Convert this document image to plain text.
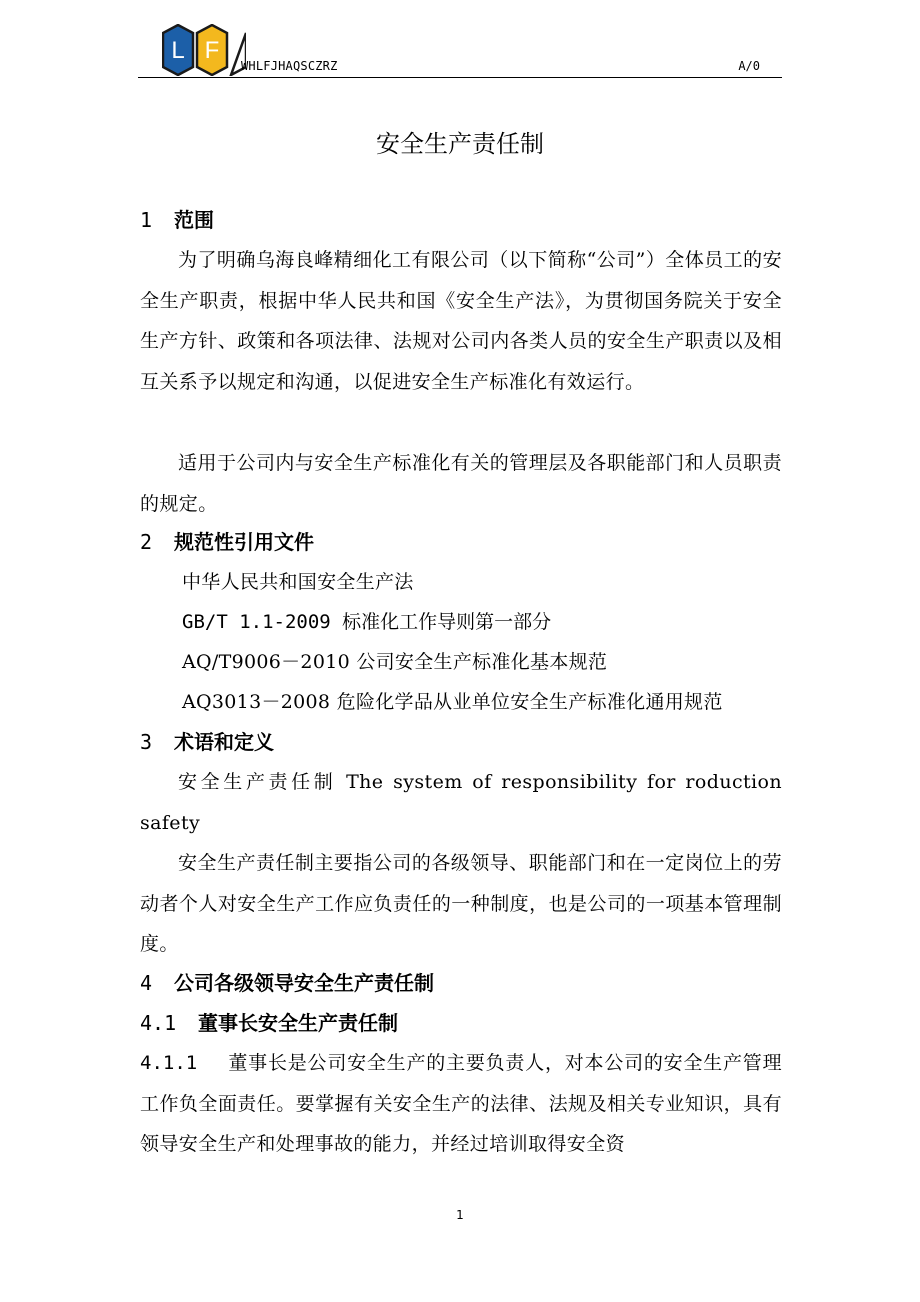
L F
WHLFJHAQSCZRZ	A/0
安全生产责任制
1 范围
为了明确乌海良峰精细化工有限公司（以下简称“公司”）全体员工的安全生产职责，根据中华人民共和国《安全生产法》，为贯彻国务院关于安全生产方针、政策和各项法律、法规对公司内各类人员的安全生产职责以及相互关系予以规定和沟通，以促进安全生产标准化有效运行。
适用于公司内与安全生产标准化有关的管理层及各职能部门和人员职责的规定。
2 规范性引用文件
中华人民共和国安全生产法
GB/T 1.1-2009 标准化工作导则第一部分
AQ/T9006－2010 公司安全生产标准化基本规范
AQ3013－2008 危险化学品从业单位安全生产标准化通用规范
3 术语和定义
安全生产责任制 The system of responsibility for roduction safety
安全生产责任制主要指公司的各级领导、职能部门和在一定岗位上的劳动者个人对安全生产工作应负责任的一种制度，也是公司的一项基本管理制度。
4 公司各级领导安全生产责任制
4.1 董事长安全生产责任制
4.1.1 董事长是公司安全生产的主要负责人，对本公司的安全生产管理工作负全面责任。要掌握有关安全生产的法律、法规及相关专业知识，具有领导安全生产和处理事故的能力，并经过培训取得安全资
1
